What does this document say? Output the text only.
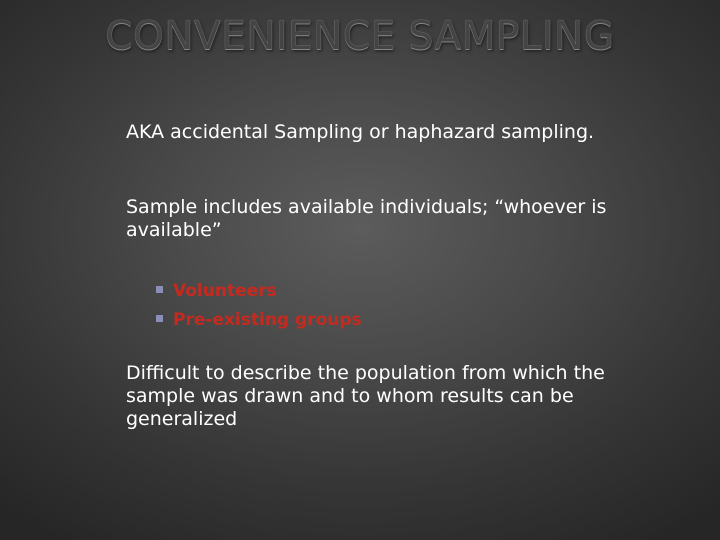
CONVENIENCE SAMPLING

AKA accidental Sampling or haphazard sampling.

Sample includes available individuals; “whoever is available”

Volunteers
Pre-existing groups

Difficult to describe the population from which the sample was drawn and to whom results can be generalized
